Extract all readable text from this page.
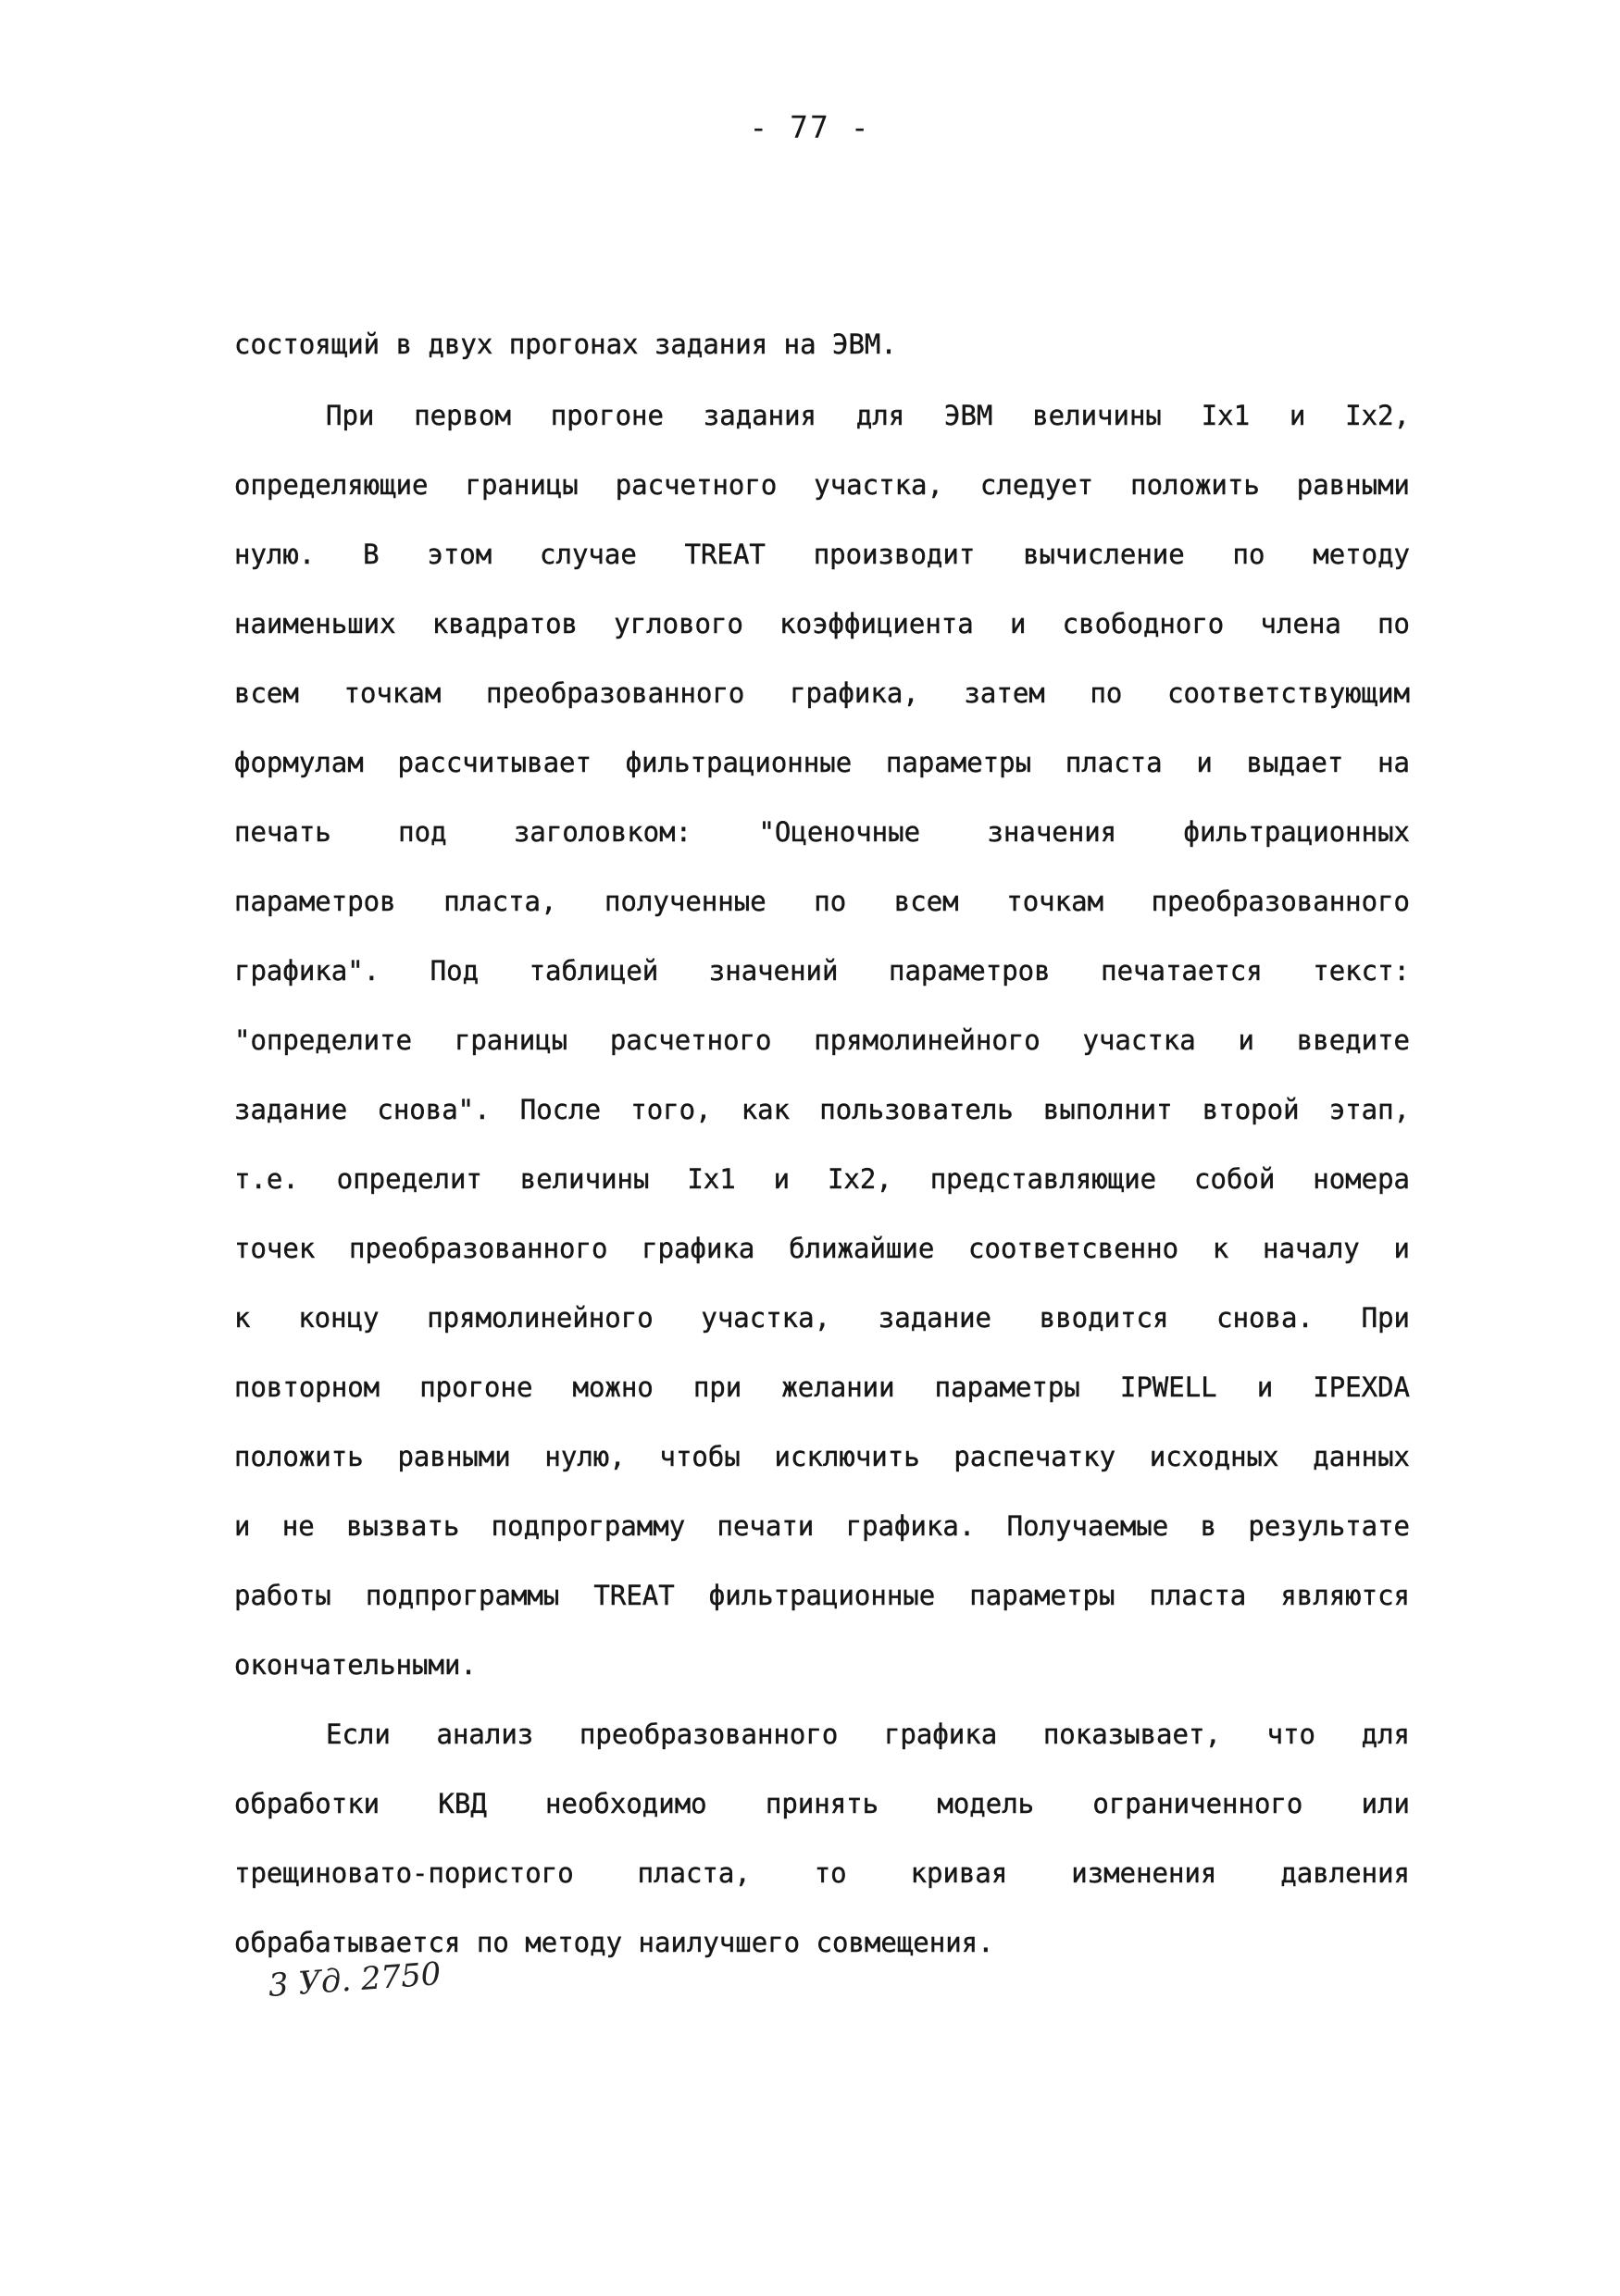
- 77 -
состоящий в двух прогонах задания на ЭВМ.
При первом прогоне задания для ЭВМ величины Ix1 и Ix2,
определяющие границы расчетного участка, следует положить равными
нулю. В этом случае TREAT производит вычисление по методу
наименьших квадратов углового коэффициента и свободного члена по
всем точкам преобразованного графика, затем по соответствующим
формулам рассчитывает фильтрационные параметры пласта и выдает на
печать под заголовком: "Оценочные значения фильтрационных
параметров пласта, полученные по всем точкам преобразованного
графика". Под таблицей значений параметров печатается текст:
"определите границы расчетного прямолинейного участка и введите
задание снова". После того, как пользователь выполнит второй этап,
т.е. определит величины Ix1 и Ix2, представляющие собой номера
точек преобразованного графика ближайшие соответсвенно к началу и
к концу прямолинейного участка, задание вводится снова. При
повторном прогоне можно при желании параметры IPWELL и IPEXDA
положить равными нулю, чтобы исключить распечатку исходных данных
и не вызвать подпрограмму печати графика. Получаемые в результате
работы подпрограммы TREAT фильтрационные параметры пласта являются
окончательными.
Если анализ преобразованного графика показывает, что для
обработки КВД необходимо принять модель ограниченного или
трещиновато-пористого пласта, то кривая изменения давления
обрабатывается по методу наилучшего совмещения.
3 Уд. 2750
